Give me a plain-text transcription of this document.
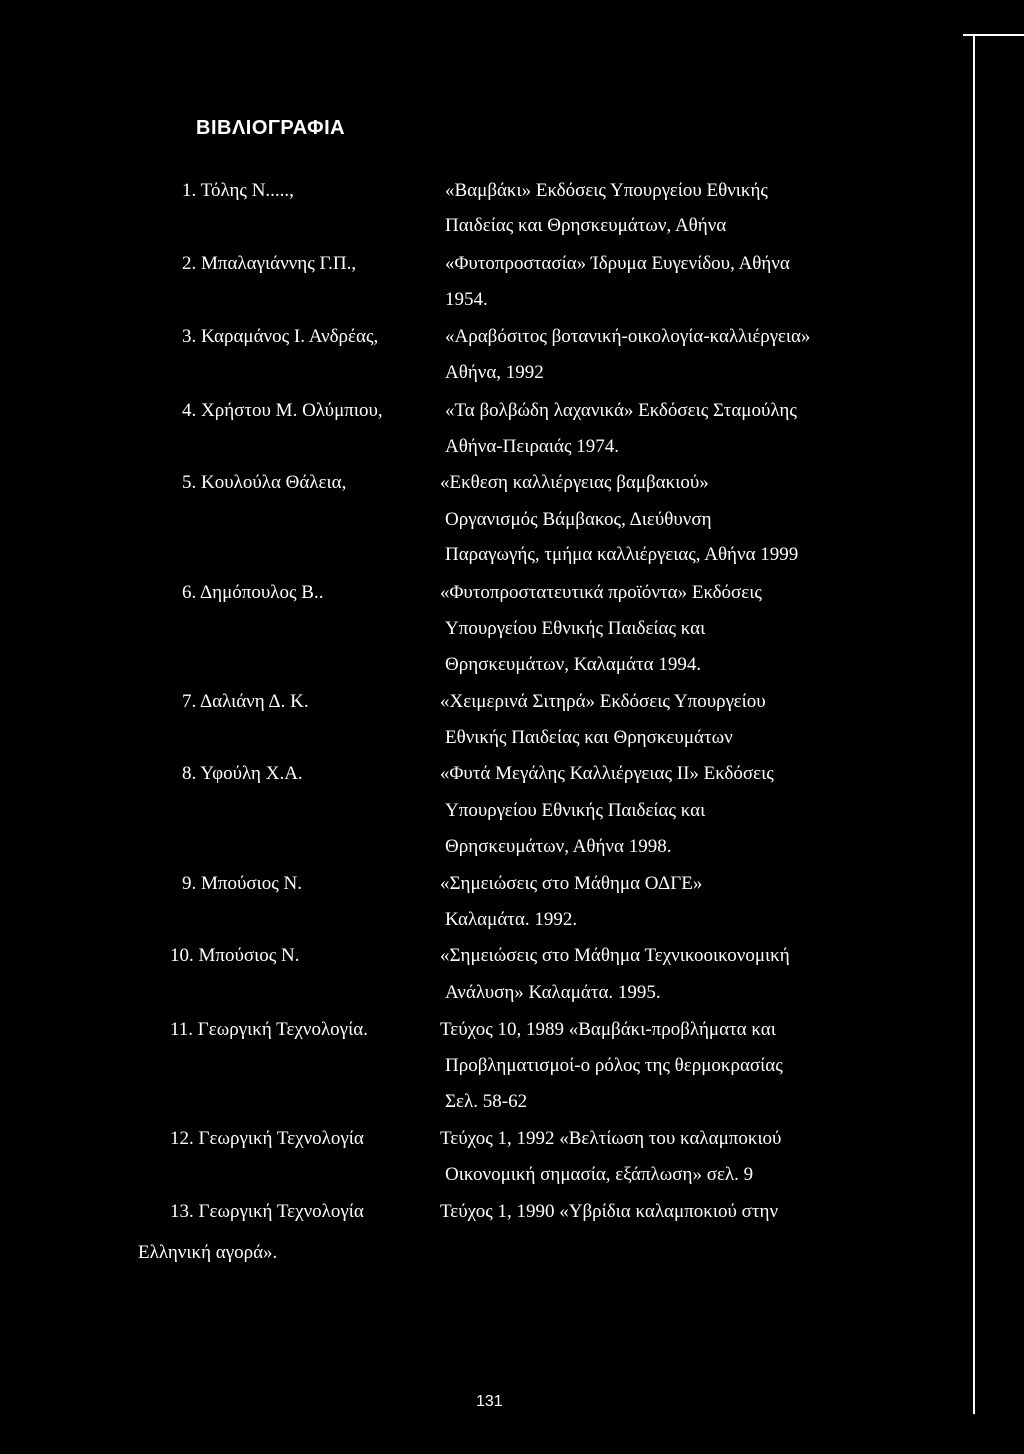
ΒΙΒΛΙΟΓΡΑΦΙΑ
1. Τόλης Ν.....,	«Βαμβάκι» Εκδόσεις Υπουργείου Εθνικής
Παιδείας και Θρησκευμάτων, Αθήνα
2. Μπαλαγιάννης Γ.Π.,	«Φυτοπροστασία» Ίδρυμα Ευγενίδου, Αθήνα
1954.
3. Καραμάνος Ι. Ανδρέας,	«Αραβόσιτος βοτανική-οικολογία-καλλιέργεια»
Αθήνα, 1992
4. Χρήστου Μ. Ολύμπιου,	«Τα βολβώδη λαχανικά» Εκδόσεις Σταμούλης
Αθήνα-Πειραιάς 1974.
5. Κουλούλα Θάλεια,	«Εκθεση καλλιέργειας βαμβακιού»
Οργανισμός Βάμβακος, Διεύθυνση
Παραγωγής, τμήμα καλλιέργειας, Αθήνα 1999
6. Δημόπουλος Β..	«Φυτοπροστατευτικά προϊόντα» Εκδόσεις
Υπουργείου Εθνικής Παιδείας και
Θρησκευμάτων, Καλαμάτα 1994.
7. Δαλιάνη Δ. Κ.	«Χειμερινά Σιτηρά» Εκδόσεις Υπουργείου
Εθνικής Παιδείας και Θρησκευμάτων
8. Υφούλη Χ.Α.	«Φυτά Μεγάλης Καλλιέργειας ΙΙ» Εκδόσεις
Υπουργείου Εθνικής Παιδείας και
Θρησκευμάτων, Αθήνα 1998.
9. Μπούσιος Ν.	«Σημειώσεις στο Μάθημα ΟΔΓΕ»
Καλαμάτα. 1992.
10. Μπούσιος Ν.	«Σημειώσεις στο Μάθημα Τεχνικοοικονομική
Ανάλυση» Καλαμάτα. 1995.
11. Γεωργική Τεχνολογία.	Τεύχος 10, 1989 «Βαμβάκι-προβλήματα και
Προβληματισμοί-ο ρόλος της θερμοκρασίας
Σελ. 58-62
12. Γεωργική Τεχνολογία	Τεύχος 1, 1992 «Βελτίωση του καλαμποκιού
Οικονομική σημασία, εξάπλωση» σελ. 9
13. Γεωργική Τεχνολογία	Τεύχος 1, 1990 «Υβρίδια καλαμποκιού στην
Ελληνική αγορά».
131
